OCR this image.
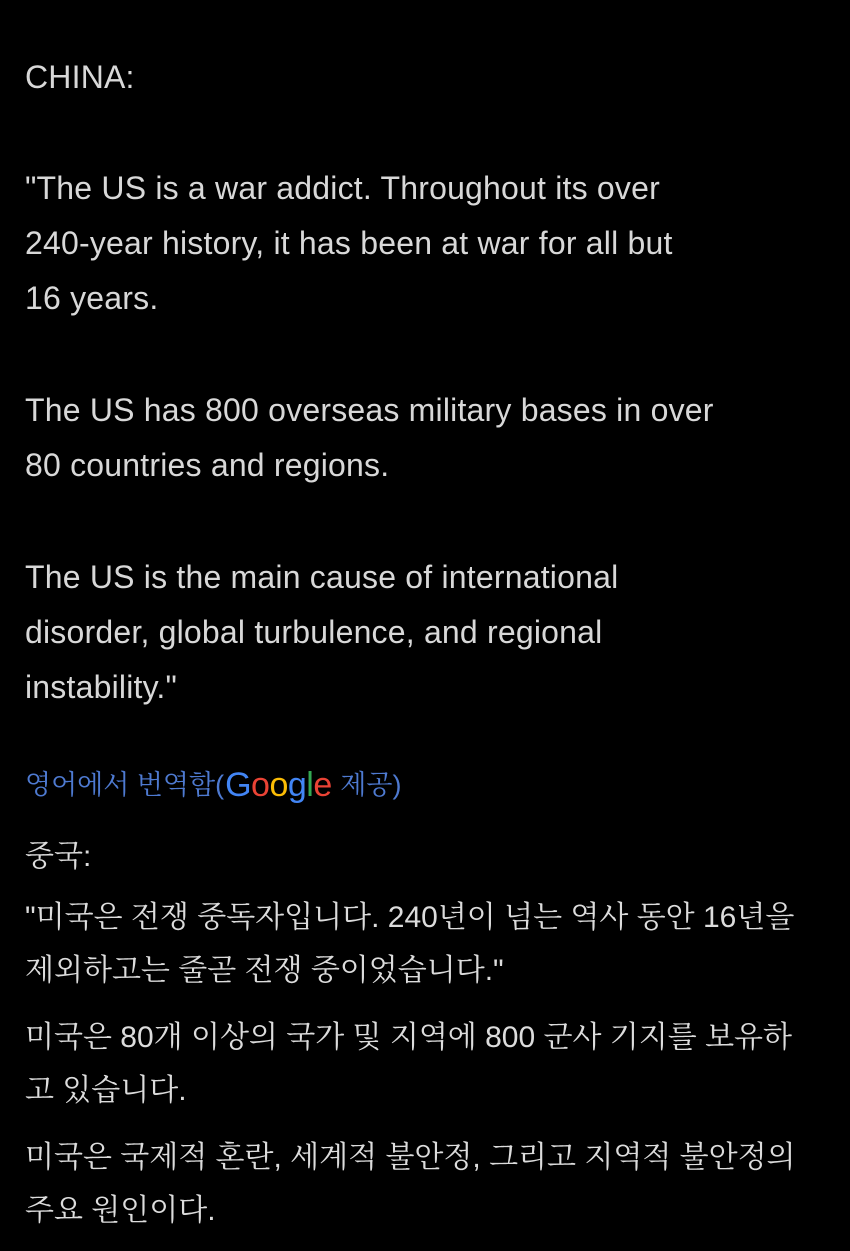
CHINA:
"The US is a war addict. Throughout its over
240-year history, it has been at war for all but
16 years.
The US has 800 overseas military bases in over
80 countries and regions.
The US is the main cause of international
disorder, global turbulence, and regional
instability."
영어에서 번역함( G o o g l e 제공)
중국:
"미국은 전쟁 중독자입니다. 240년이 넘는 역사 동안 16년을
제외하고는 줄곧 전쟁 중이었습니다."
미국은 80개 이상의 국가 및 지역에 800 군사 기지를 보유하
고 있습니다.
미국은 국제적 혼란, 세계적 불안정, 그리고 지역적 불안정의
주요 원인이다.
